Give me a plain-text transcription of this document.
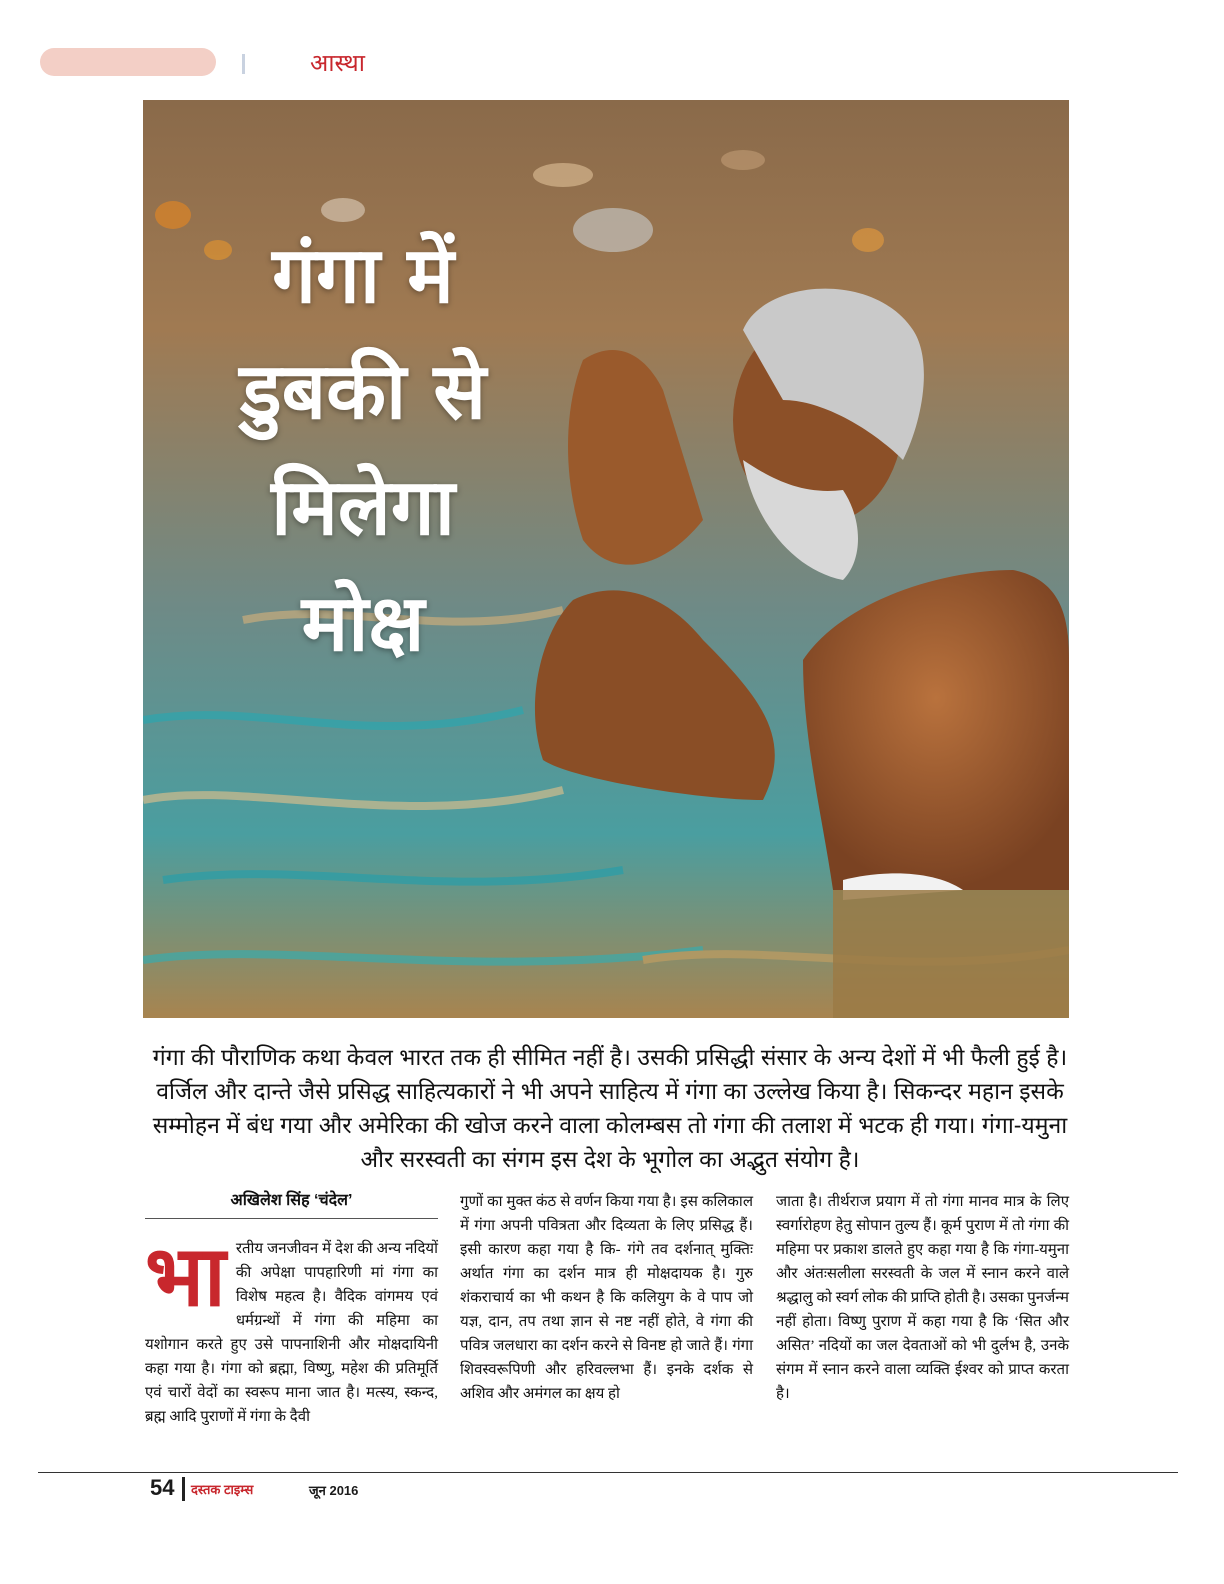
आस्था
गंगा में
डुबकी से
मिलेगा
मोक्ष

गंगा की पौराणिक कथा केवल भारत तक ही सीमित नहीं है। उसकी प्रसिद्धी संसार के अन्य देशों में भी फैली हुई है। वर्जिल और दान्ते जैसे प्रसिद्ध साहित्यकारों ने भी अपने साहित्य में गंगा का उल्लेख किया है। सिकन्दर महान इसके सम्मोहन में बंध गया और अमेरिका की खोज करने वाला कोलम्बस तो गंगा की तलाश में भटक ही गया। गंगा-यमुना और सरस्वती का संगम इस देश के भूगोल का अद्भुत संयोग है।

अखिलेश सिंह ‘चंदेल’
भा रतीय जनजीवन में देश की अन्य नदियों की अपेक्षा पापहारिणी मां गंगा का विशेष महत्व है। वैदिक वांगमय एवं धर्मग्रन्थों में गंगा की महिमा का यशोगान करते हुए उसे पापनाशिनी और मोक्षदायिनी कहा गया है। गंगा को ब्रह्मा, विष्णु, महेश की प्रतिमूर्ति एवं चारों वेदों का स्वरूप माना जात है। मत्स्य, स्कन्द, ब्रह्म आदि पुराणों में गंगा के दैवी
गुणों का मुक्त कंठ से वर्णन किया गया है। इस कलिकाल में गंगा अपनी पवित्रता और दिव्यता के लिए प्रसिद्ध हैं। इसी कारण कहा गया है कि- गंगे तव दर्शनात् मुक्तिः अर्थात गंगा का दर्शन मात्र ही मोक्षदायक है। गुरु शंकराचार्य का भी कथन है कि कलियुग के वे पाप जो यज्ञ, दान, तप तथा ज्ञान से नष्ट नहीं होते, वे गंगा की पवित्र जलधारा का दर्शन करने से विनष्ट हो जाते हैं। गंगा शिवस्वरूपिणी और हरिवल्लभा हैं। इनके दर्शक से अशिव और अमंगल का क्षय हो
जाता है। तीर्थराज प्रयाग में तो गंगा मानव मात्र के लिए स्वर्गारोहण हेतु सोपान तुल्य हैं। कूर्म पुराण में तो गंगा की महिमा पर प्रकाश डालते हुए कहा गया है कि गंगा-यमुना और अंतःसलीला सरस्वती के जल में स्नान करने वाले श्रद्धालु को स्वर्ग लोक की प्राप्ति होती है। उसका पुनर्जन्म नहीं होता। विष्णु पुराण में कहा गया है कि ‘सित और असित’ नदियों का जल देवताओं को भी दुर्लभ है, उनके संगम में स्नान करने वाला व्यक्ति ईश्वर को प्राप्त करता है।
54 दस्तक टाइम्स	जून 2016
